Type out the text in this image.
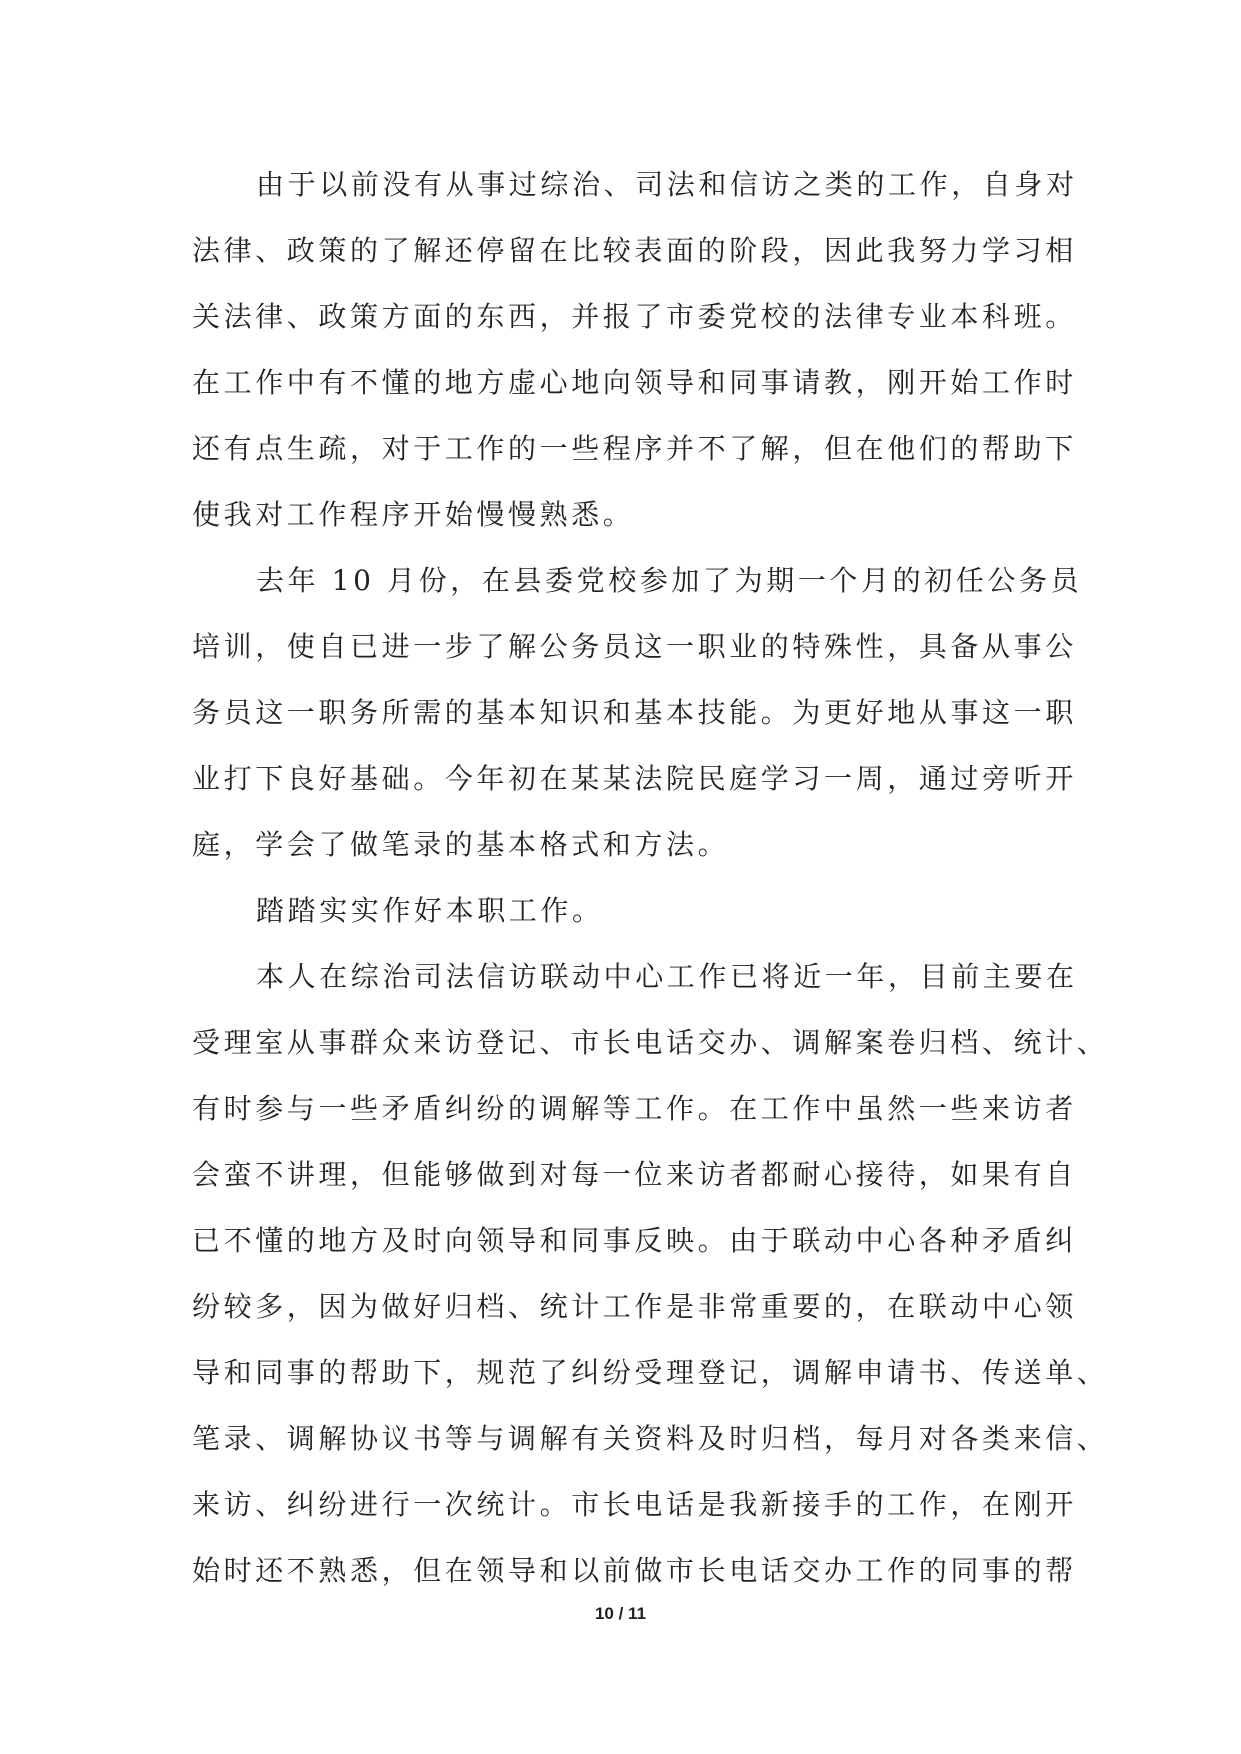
由于以前没有从事过综治、司法和信访之类的工作，自身对
法律、政策的了解还停留在比较表面的阶段，因此我努力学习相
关法律、政策方面的东西，并报了市委党校的法律专业本科班。
在工作中有不懂的地方虚心地向领导和同事请教，刚开始工作时
还有点生疏，对于工作的一些程序并不了解，但在他们的帮助下
使我对工作程序开始慢慢熟悉。
去年 10 月份，在县委党校参加了为期一个月的初任公务员
培训，使自已进一步了解公务员这一职业的特殊性，具备从事公
务员这一职务所需的基本知识和基本技能。为更好地从事这一职
业打下良好基础。今年初在某某法院民庭学习一周，通过旁听开
庭，学会了做笔录的基本格式和方法。
踏踏实实作好本职工作。
本人在综治司法信访联动中心工作已将近一年，目前主要在
受理室从事群众来访登记、市长电话交办、调解案卷归档、统计、
有时参与一些矛盾纠纷的调解等工作。在工作中虽然一些来访者
会蛮不讲理，但能够做到对每一位来访者都耐心接待，如果有自
已不懂的地方及时向领导和同事反映。由于联动中心各种矛盾纠
纷较多，因为做好归档、统计工作是非常重要的，在联动中心领
导和同事的帮助下，规范了纠纷受理登记，调解申请书、传送单、
笔录、调解协议书等与调解有关资料及时归档，每月对各类来信、
来访、纠纷进行一次统计。市长电话是我新接手的工作，在刚开
始时还不熟悉，但在领导和以前做市长电话交办工作的同事的帮
10 / 11
